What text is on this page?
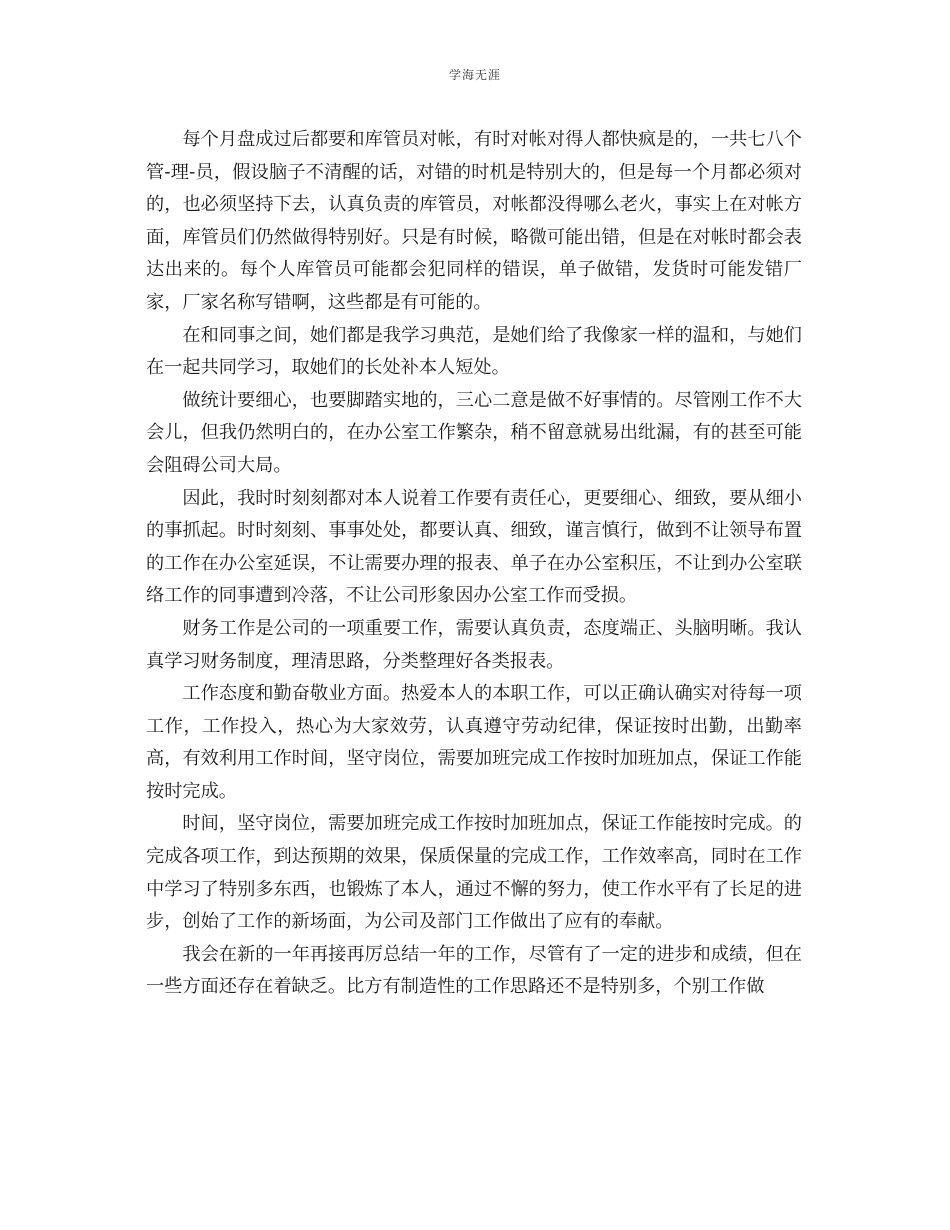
学海无涯

每个月盘成过后都要和库管员对帐，有时对帐对得人都快疯是的，一共七八个管-理-员，假设脑子不清醒的话，对错的时机是特别大的，但是每一个月都必须对的，也必须坚持下去，认真负责的库管员，对帐都没得哪么老火，事实上在对帐方面，库管员们仍然做得特别好。只是有时候，略微可能出错，但是在对帐时都会表达出来的。每个人库管员可能都会犯同样的错误，单子做错，发货时可能发错厂家，厂家名称写错啊，这些都是有可能的。

在和同事之间，她们都是我学习典范，是她们给了我像家一样的温和，与她们在一起共同学习，取她们的长处补本人短处。

做统计要细心，也要脚踏实地的，三心二意是做不好事情的。尽管刚工作不大会儿，但我仍然明白的，在办公室工作繁杂，稍不留意就易出纰漏，有的甚至可能会阻碍公司大局。

因此，我时时刻刻都对本人说着工作要有责任心，更要细心、细致，要从细小的事抓起。时时刻刻、事事处处，都要认真、细致，谨言慎行，做到不让领导布置的工作在办公室延误，不让需要办理的报表、单子在办公室积压，不让到办公室联络工作的同事遭到冷落，不让公司形象因办公室工作而受损。

财务工作是公司的一项重要工作，需要认真负责，态度端正、头脑明晰。我认真学习财务制度，理清思路，分类整理好各类报表。

工作态度和勤奋敬业方面。热爱本人的本职工作，可以正确认确实对待每一项工作，工作投入，热心为大家效劳，认真遵守劳动纪律，保证按时出勤，出勤率高，有效利用工作时间，坚守岗位，需要加班完成工作按时加班加点，保证工作能按时完成。

时间，坚守岗位，需要加班完成工作按时加班加点，保证工作能按时完成。的完成各项工作，到达预期的效果，保质保量的完成工作，工作效率高，同时在工作中学习了特别多东西，也锻炼了本人，通过不懈的努力，使工作水平有了长足的进步，创始了工作的新场面，为公司及部门工作做出了应有的奉献。

我会在新的一年再接再厉总结一年的工作，尽管有了一定的进步和成绩，但在一些方面还存在着缺乏。比方有制造性的工作思路还不是特别多，个别工作做
